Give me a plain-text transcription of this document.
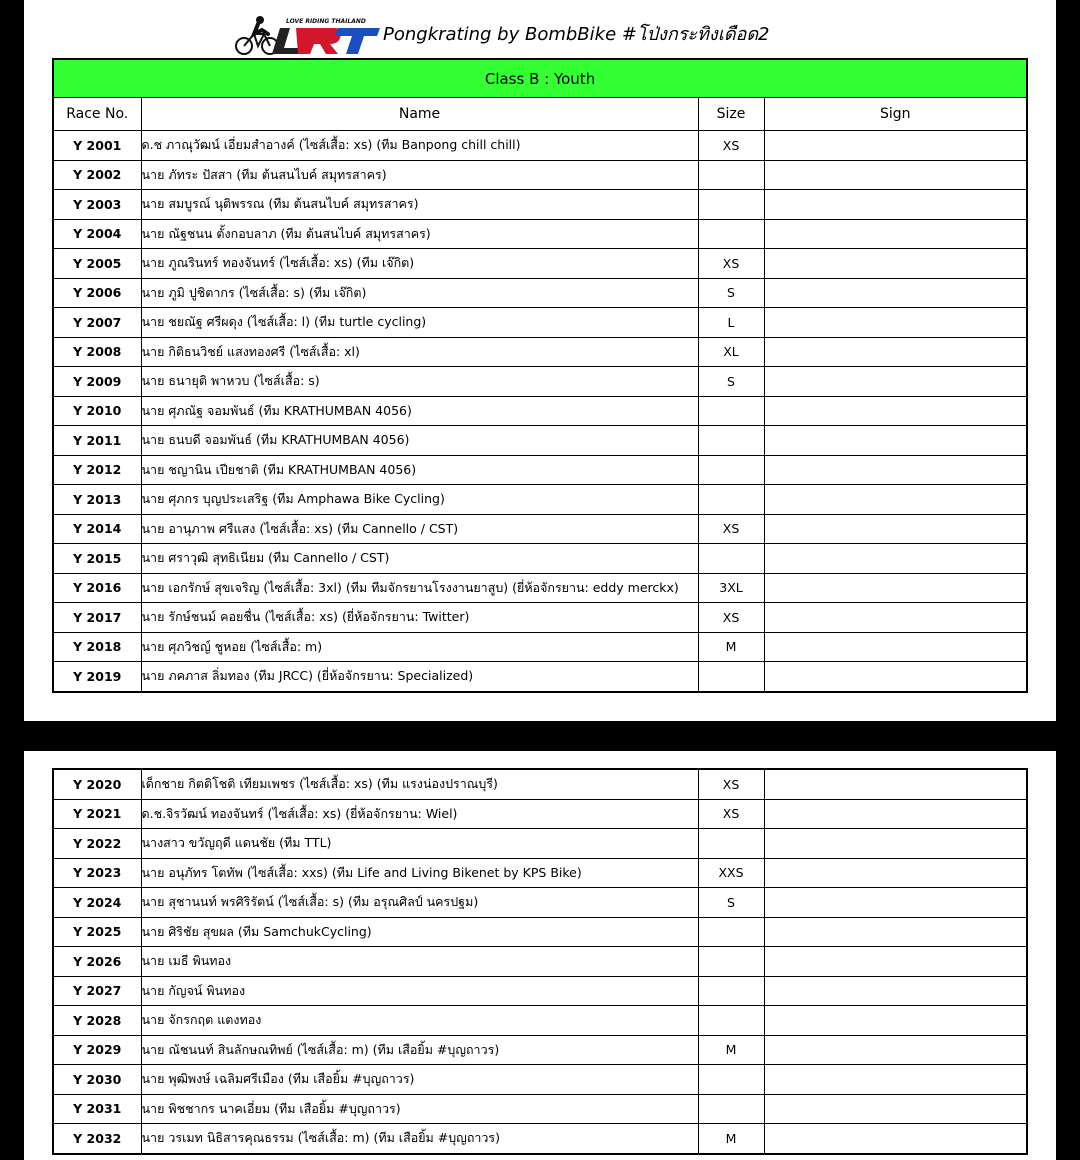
LOVE RIDING THAILAND
Pongkrating by BombBike #โป่งกระทิงเดือด2
Class B : Youth			
Race No.	Name	Size	Sign
Y 2001	ด.ช ภาณุวัฒน์ เอี่ยมสำอางค์ (ไซส์เสื้อ: xs) (ทีม Banpong chill chill)	XS	
Y 2002	นาย ภัทระ ปัสสา (ทีม ต้นสนไบค์ สมุทรสาคร)		
Y 2003	นาย สมบูรณ์ นุติพรรณ (ทีม ต้นสนไบค์ สมุทรสาคร)		
Y 2004	นาย ณัฐชนน ตั้งกอบลาภ (ทีม ต้นสนไบค์ สมุทรสาคร)		
Y 2005	นาย ภูณรินทร์ ทองจันทร์ (ไซส์เสื้อ: xs) (ทีม เจ๊กิต)	XS	
Y 2006	นาย ภูมิ ปูชิตากร (ไซส์เสื้อ: s) (ทีม เจ๊กิต)	S	
Y 2007	นาย ชยณัฐ ศรีผดุง (ไซส์เสื้อ: l) (ทีม turtle cycling)	L	
Y 2008	นาย กิติธนวิชย์ แสงทองศรี (ไซส์เสื้อ: xl)	XL	
Y 2009	นาย ธนายุติ พาหวบ (ไซส์เสื้อ: s)	S	
Y 2010	นาย ศุภณัฐ จอมพันธ์ (ทีม KRATHUMBAN 4056)		
Y 2011	นาย ธนบดี จอมพันธ์ (ทีม KRATHUMBAN 4056)		
Y 2012	นาย ชญานิน เปียชาติ (ทีม KRATHUMBAN 4056)		
Y 2013	นาย ศุภกร บุญประเสริฐ (ทีม Amphawa Bike Cycling)		
Y 2014	นาย อานุภาพ ศรีแสง (ไซส์เสื้อ: xs) (ทีม Cannello / CST)	XS	
Y 2015	นาย ศราวุฒิ สุทธิเนียม (ทีม Cannello / CST)		
Y 2016	นาย เอกรักษ์ สุขเจริญ (ไซส์เสื้อ: 3xl) (ทีม ทีมจักรยานโรงงานยาสูบ) (ยี่ห้อจักรยาน: eddy merckx)	3XL	
Y 2017	นาย รักษ์ชนม์ คอยชื่น (ไซส์เสื้อ: xs) (ยี่ห้อจักรยาน: Twitter)	XS	
Y 2018	นาย ศุภวิชญ์ ชูหอย (ไซส์เสื้อ: m)	M	
Y 2019	นาย ภคภาส ลิ่มทอง (ทีม JRCC) (ยี่ห้อจักรยาน: Specialized)		
Y 2020	เด็กชาย กิตติโชติ เทียมเพชร (ไซส์เสื้อ: xs) (ทีม แรงน่องปราณบุรี)	XS	
Y 2021	ด.ช.จิรวัฒน์ ทองจันทร์ (ไซส์เสื้อ: xs) (ยี่ห้อจักรยาน: Wiel)	XS	
Y 2022	นางสาว ขวัญฤดี แดนชัย (ทีม TTL)		
Y 2023	นาย อนุภัทร โตทัพ (ไซส์เสื้อ: xxs) (ทีม Life and Living Bikenet by KPS Bike)	XXS	
Y 2024	นาย สุชานนท์ พรศิริรัตน์ (ไซส์เสื้อ: s) (ทีม อรุณศิลป์ นครปฐม)	S	
Y 2025	นาย ศิริชัย สุขผล (ทีม SamchukCycling)		
Y 2026	นาย เมธี พินทอง		
Y 2027	นาย กัญจน์ พินทอง		
Y 2028	นาย จักรกฤต แตงทอง		
Y 2029	นาย ณัชนนท์ สินลักษณทิพย์ (ไซส์เสื้อ: m) (ทีม เสือยิ้ม #บุญถาวร)	M	
Y 2030	นาย พุฒิพงษ์ เฉลิมศรีเมือง (ทีม เสือยิ้ม #บุญถาวร)		
Y 2031	นาย พิชชากร นาคเอี่ยม (ทีม เสือยิ้ม #บุญถาวร)		
Y 2032	นาย วรเมท นิธิสารคุณธรรม (ไซส์เสื้อ: m) (ทีม เสือยิ้ม #บุญถาวร)	M	
